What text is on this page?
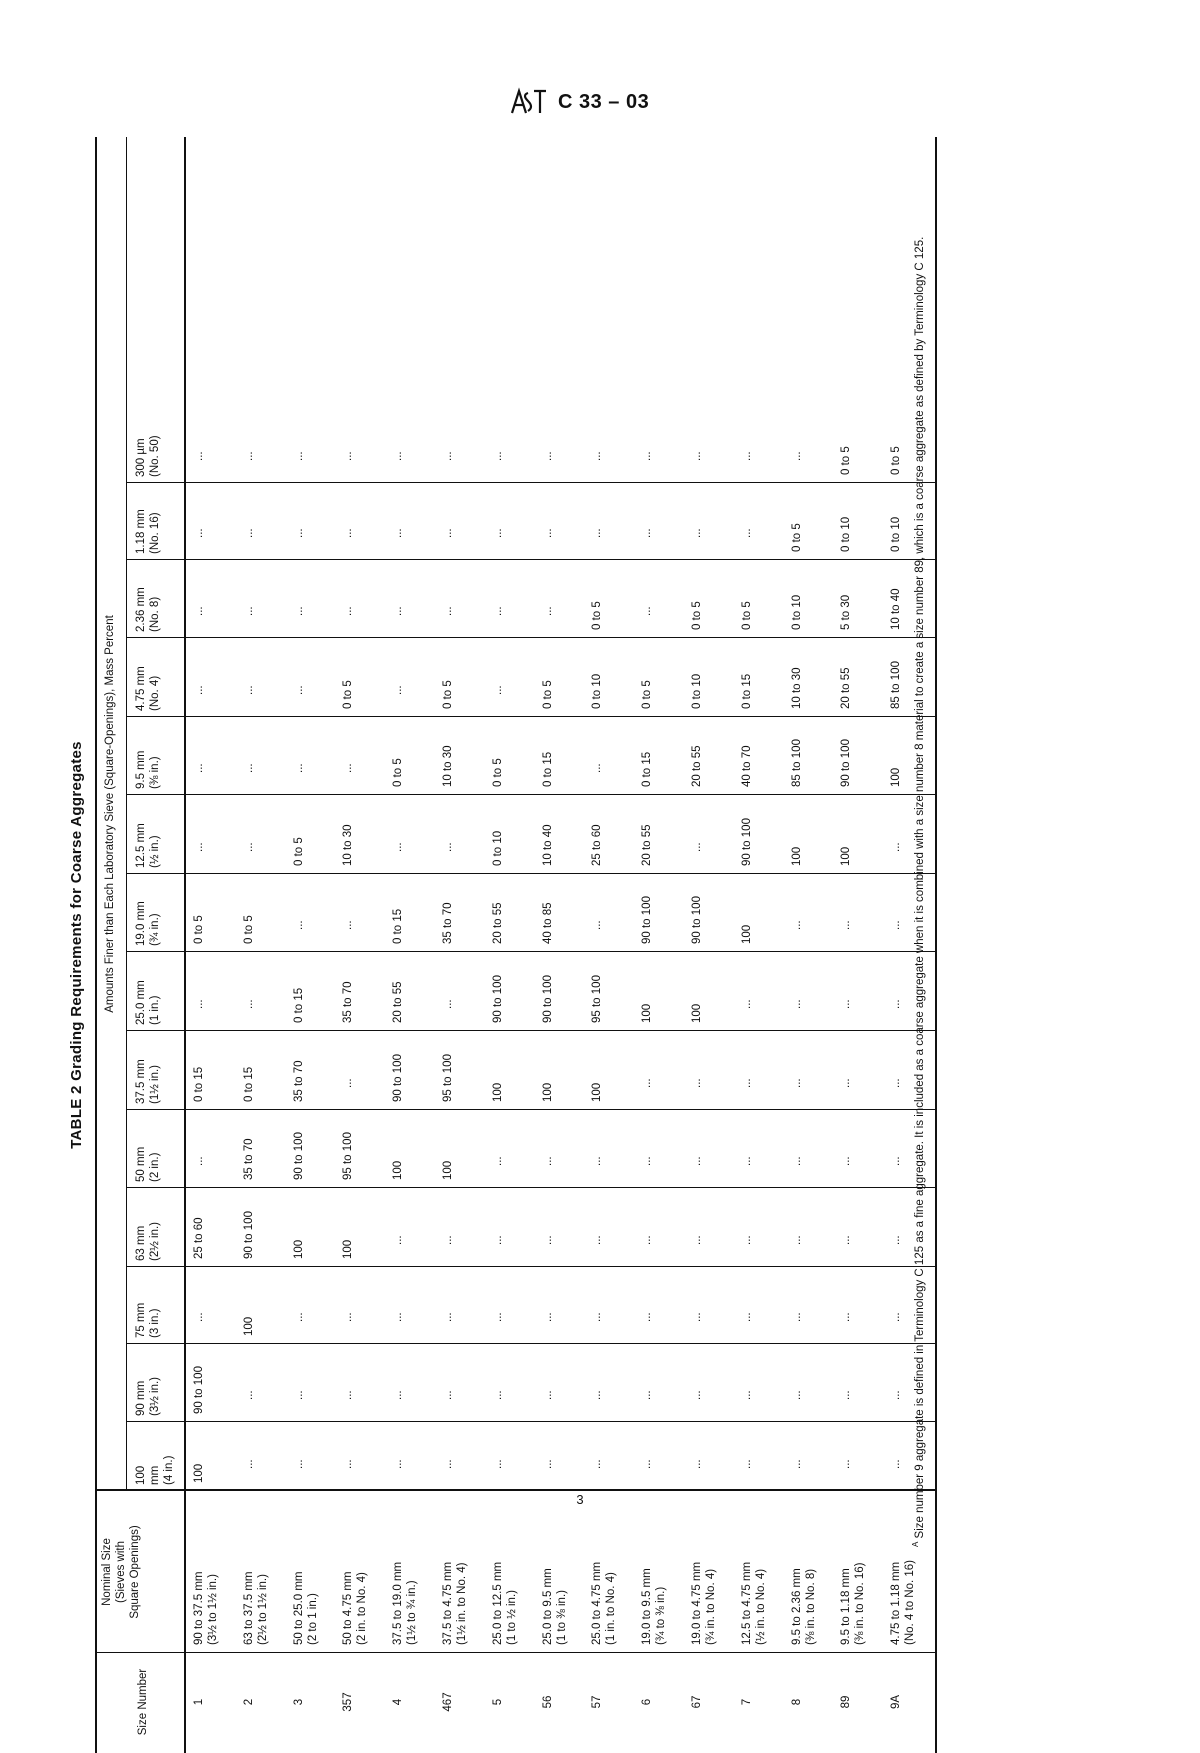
C 33 – 03
TABLE 2 Grading Requirements for Coarse Aggregates
Size Number
Nominal Size (Sieves with Square Openings)
Amounts Finer than Each Laboratory Sieve (Square-Openings), Mass Percent
100 mm (4 in.)
90 mm (3½ in.)
75 mm (3 in.)
63 mm (2½ in.)
50 mm (2 in.)
37.5 mm (1½ in.)
25.0 mm (1 in.)
19.0 mm (¾ in.)
12.5 mm (½ in.)
9.5 mm (⅜ in.)
4.75 mm (No. 4)
2.36 mm (No. 8)
1.18 mm (No. 16)
300 µm (No. 50)
1
90 to 37.5 mm (3½ to 1½ in.)
100
90 to 100
...
25 to 60
...
0 to 15
...
0 to 5
...
...
...
...
...
...
2
63 to 37.5 mm (2½ to 1½ in.)
...
...
100
90 to 100
35 to 70
0 to 15
...
0 to 5
...
...
...
...
...
...
3
50 to 25.0 mm (2 to 1 in.)
...
...
...
100
90 to 100
35 to 70
0 to 15
...
0 to 5
...
...
...
...
...
357
50 to 4.75 mm (2 in. to No. 4)
...
...
...
100
95 to 100
...
35 to 70
...
10 to 30
...
0 to 5
...
...
...
4
37.5 to 19.0 mm (1½ to ¾ in.)
...
...
...
...
100
90 to 100
20 to 55
0 to 15
...
0 to 5
...
...
...
...
467
37.5 to 4.75 mm (1½ in. to No. 4)
...
...
...
...
100
95 to 100
...
35 to 70
...
10 to 30
0 to 5
...
...
...
5
25.0 to 12.5 mm (1 to ½ in.)
...
...
...
...
...
100
90 to 100
20 to 55
0 to 10
0 to 5
...
...
...
...
56
25.0 to 9.5 mm (1 to ⅜ in.)
...
...
...
...
...
100
90 to 100
40 to 85
10 to 40
0 to 15
0 to 5
...
...
...
57
25.0 to 4.75 mm (1 in. to No. 4)
...
...
...
...
...
100
95 to 100
...
25 to 60
...
0 to 10
0 to 5
...
...
6
19.0 to 9.5 mm (¾ to ⅜ in.)
...
...
...
...
...
...
100
90 to 100
20 to 55
0 to 15
0 to 5
...
...
...
67
19.0 to 4.75 mm (¾ in. to No. 4)
...
...
...
...
...
...
100
90 to 100
...
20 to 55
0 to 10
0 to 5
...
...
7
12.5 to 4.75 mm (½ in. to No. 4)
...
...
...
...
...
...
...
100
90 to 100
40 to 70
0 to 15
0 to 5
...
...
8
9.5 to 2.36 mm (⅜ in. to No. 8)
...
...
...
...
...
...
...
...
100
85 to 100
10 to 30
0 to 10
0 to 5
...
89
9.5 to 1.18 mm (⅜ in. to No. 16)
...
...
...
...
...
...
...
...
100
90 to 100
20 to 55
5 to 30
0 to 10
0 to 5
9A
4.75 to 1.18 mm (No. 4 to No. 16)
...
...
...
...
...
...
...
...
...
100
85 to 100
10 to 40
0 to 10
0 to 5
$^A$ Size number 9 aggregate is defined in Terminology C 125 as a fine aggregate. It is included as a coarse aggregate when it is combined with a size number 8 material to create a size number 89, which is a coarse aggregate as defined by Terminology C 125.
3
